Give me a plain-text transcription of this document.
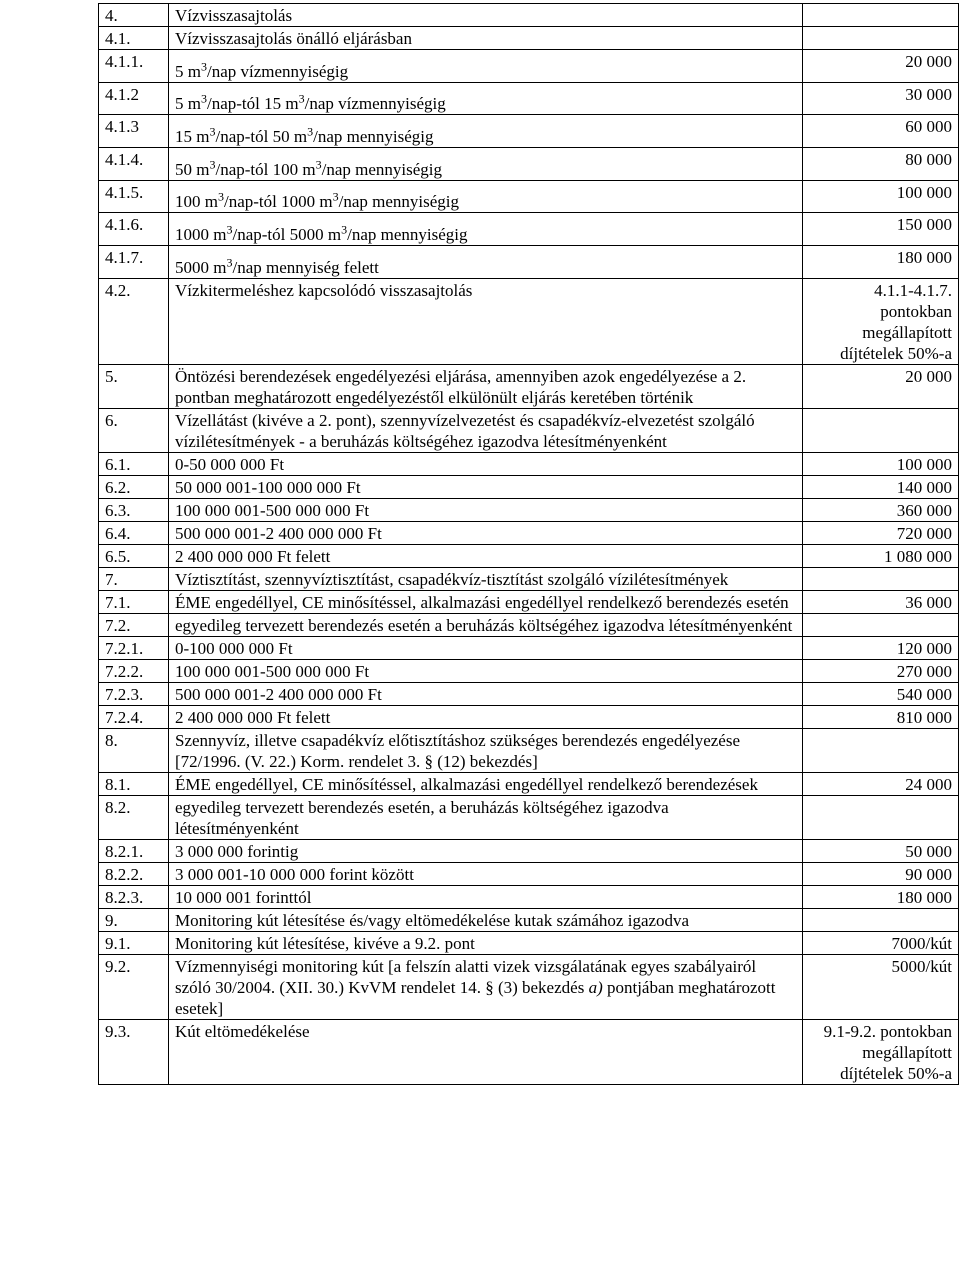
4.	Vízvisszasajtolás	
4.1.	Vízvisszasajtolás önálló eljárásban	
4.1.1.	5 $m^3$/nap vízmennyiségig	20 000
4.1.2	5 $m^3/nap$-tól 15 $m^3$/nap vízmennyiségig	30 000
4.1.3	15 $m^3/nap$-tól 50 $m^3$/nap mennyiségig	60 000
4.1.4.	50 $m^3/nap$-tól 100 $m^3$/nap mennyiségig	80 000
4.1.5.	100 $m^3/nap$-tól 1000 $m^3$/nap mennyiségig	100 000
4.1.6.	1000 $m^3/nap$-tól 5000 $m^3$/nap mennyiségig	150 000
4.1.7.	5000 $m^3$/nap mennyiség felett	180 000
4.2.	Vízkitermeléshez kapcsolódó visszasajtolás	4.1.1-4.1.7. pontokban megállapított díjtételek 50%-a
5.	Öntözési berendezések engedélyezési eljárása, amennyiben azok engedélyezése a 2. pontban meghatározott engedélyezéstől elkülönült eljárás keretében történik	20 000
6.	Vízellátást (kivéve a 2. pont), szennyvízelvezetést és csapadékvíz-elvezetést szolgáló vízilétesítmények - a beruházás költségéhez igazodva létesítményenként	
6.1.	0-50 000 000 Ft	100 000
6.2.	50 000 001-100 000 000 Ft	140 000
6.3.	100 000 001-500 000 000 Ft	360 000
6.4.	500 000 001-2 400 000 000 Ft	720 000
6.5.	2 400 000 000 Ft felett	1 080 000
7.	Víztisztítást, szennyvíztisztítást, csapadékvíz-tisztítást szolgáló vízilétesítmények	
7.1.	ÉME engedéllyel, CE minősítéssel, alkalmazási engedéllyel rendelkező berendezés esetén	36 000
7.2.	egyedileg tervezett berendezés esetén a beruházás költségéhez igazodva létesítményenként	
7.2.1.	0-100 000 000 Ft	120 000
7.2.2.	100 000 001-500 000 000 Ft	270 000
7.2.3.	500 000 001-2 400 000 000 Ft	540 000
7.2.4.	2 400 000 000 Ft felett	810 000
8.	Szennyvíz, illetve csapadékvíz előtisztításhoz szükséges berendezés engedélyezése [72/1996. (V. 22.) Korm. rendelet 3. § (12) bekezdés]	
8.1.	ÉME engedéllyel, CE minősítéssel, alkalmazási engedéllyel rendelkező berendezések	24 000
8.2.	egyedileg tervezett berendezés esetén, a beruházás költségéhez igazodva létesítményenként	
8.2.1.	3 000 000 forintig	50 000
8.2.2.	3 000 001-10 000 000 forint között	90 000
8.2.3.	10 000 001 forinttól	180 000
9.	Monitoring kút létesítése és/vagy eltömedékelése kutak számához igazodva	
9.1.	Monitoring kút létesítése, kivéve a 9.2. pont	7000/kút
9.2.	Vízmennyiségi monitoring kút [a felszín alatti vizek vizsgálatának egyes szabályairól szóló 30/2004. (XII. 30.) KvVM rendelet 14. § (3) bekezdés a) pontjában meghatározott esetek]	5000/kút
9.3.	Kút eltömedékelése	9.1-9.2. pontokban megállapított díjtételek 50%-a
